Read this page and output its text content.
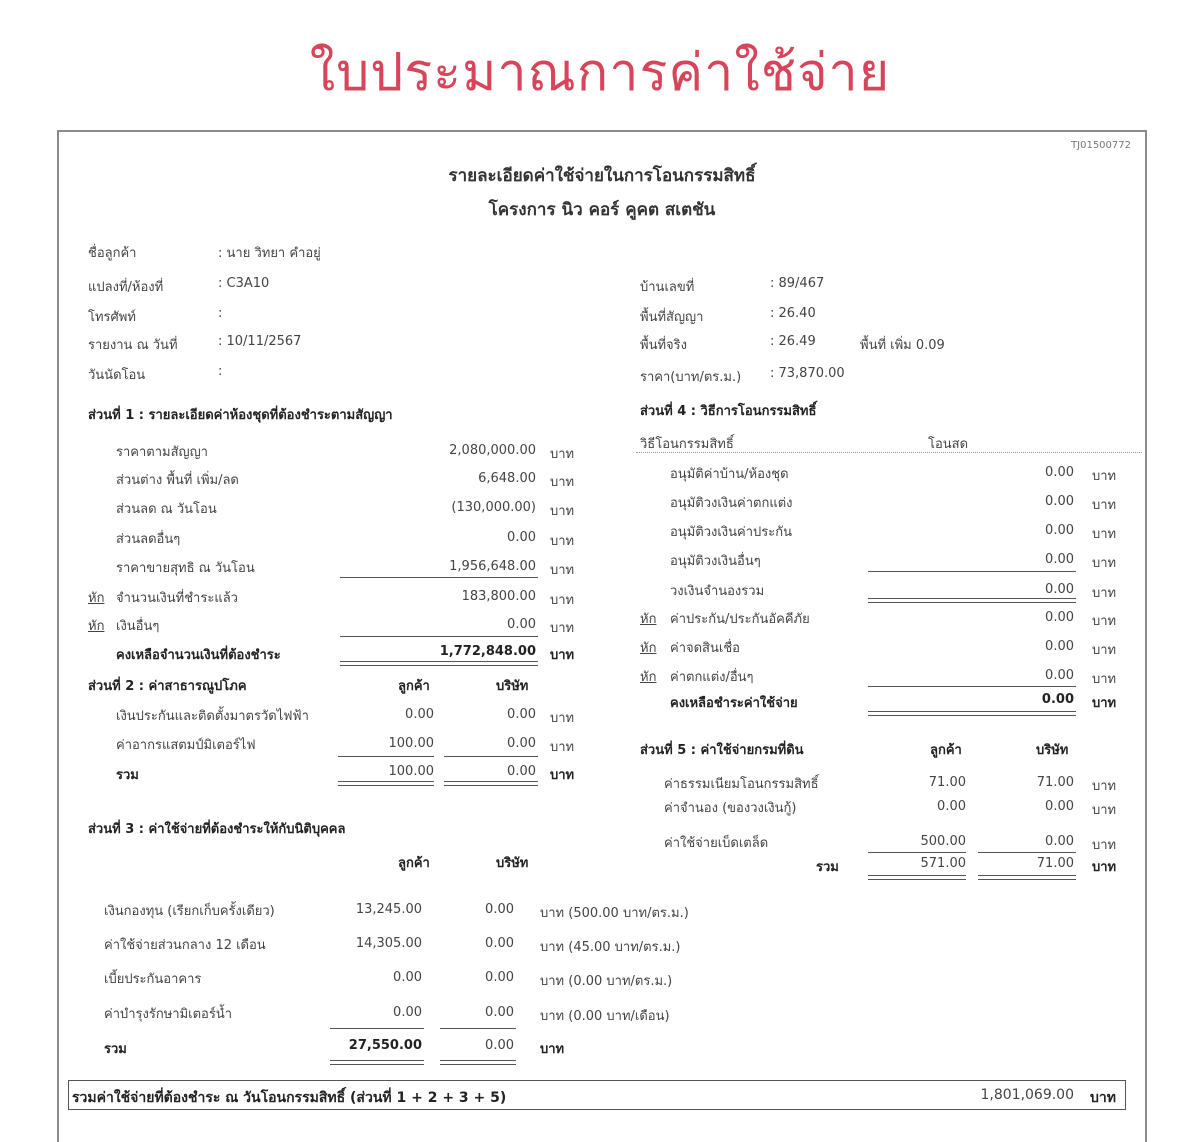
ใบประมาณการค่าใช้จ่าย
TJ01500772
รายละเอียดค่าใช้จ่ายในการโอนกรรมสิทธิ์
โครงการ นิว คอร์ คูคต สเตชัน
ชื่อลูกค้า	: นาย วิทยา คำอยู่
แปลงที่/ห้องที่	: C3A10
โทรศัพท์	:
รายงาน ณ วันที่	: 10/11/2567
วันนัดโอน	:
บ้านเลขที่	: 89/467
พื้นที่สัญญา	: 26.40
พื้นที่จริง	: 26.49	พื้นที่ เพิ่ม 0.09
ราคา(บาท/ตร.ม.) : 73,870.00
ส่วนที่ 1 : รายละเอียดค่าห้องชุดที่ต้องชำระตามสัญญา
ราคาตามสัญญา	2,080,000.00 บาท
ส่วนต่าง พื้นที่ เพิ่ม/ลด	6,648.00 บาท
ส่วนลด ณ วันโอน	(130,000.00) บาท
ส่วนลดอื่นๆ	0.00 บาท
ราคาขายสุทธิ ณ วันโอน	1,956,648.00 บาท
หัก จำนวนเงินที่ชำระแล้ว	183,800.00 บาท
หัก เงินอื่นๆ	0.00 บาท
คงเหลือจำนวนเงินที่ต้องชำระ	1,772,848.00 บาท
ส่วนที่ 2 : ค่าสาธารณูปโภค	ลูกค้า	บริษัท
เงินประกันและติดตั้งมาตรวัดไฟฟ้า	0.00	0.00 บาท
ค่าอากรแสตมป์มิเตอร์ไฟ	100.00	0.00 บาท
รวม	100.00	0.00 บาท
ส่วนที่ 3 : ค่าใช้จ่ายที่ต้องชำระให้กับนิติบุคคล
ลูกค้า	บริษัท
เงินกองทุน (เรียกเก็บครั้งเดียว)	13,245.00	0.00 บาท (500.00 บาท/ตร.ม.)
ค่าใช้จ่ายส่วนกลาง 12 เดือน	14,305.00	0.00 บาท (45.00 บาท/ตร.ม.)
เบี้ยประกันอาคาร	0.00	0.00 บาท (0.00 บาท/ตร.ม.)
ค่าบำรุงรักษามิเตอร์น้ำ	0.00	0.00 บาท (0.00 บาท/เดือน)
รวม	27,550.00	0.00 บาท
ส่วนที่ 4 : วิธีการโอนกรรมสิทธิ์
วิธีโอนกรรมสิทธิ์	โอนสด
อนุมัติค่าบ้าน/ห้องชุด	0.00 บาท
อนุมัติวงเงินค่าตกแต่ง	0.00 บาท
อนุมัติวงเงินค่าประกัน	0.00 บาท
อนุมัติวงเงินอื่นๆ	0.00 บาท
วงเงินจำนองรวม	0.00 บาท
หัก ค่าประกัน/ประกันอัคคีภัย	0.00 บาท
หัก ค่าจดสินเชื่อ	0.00 บาท
หัก ค่าตกแต่ง/อื่นๆ	0.00 บาท
คงเหลือชำระค่าใช้จ่าย	0.00 บาท
ส่วนที่ 5 : ค่าใช้จ่ายกรมที่ดิน	ลูกค้า	บริษัท
ค่าธรรมเนียมโอนกรรมสิทธิ์	71.00	71.00 บาท
ค่าจำนอง (ของวงเงินกู้)	0.00	0.00 บาท
ค่าใช้จ่ายเบ็ดเตล็ด	500.00	0.00 บาท
รวม	571.00	71.00 บาท
รวมค่าใช้จ่ายที่ต้องชำระ ณ วันโอนกรรมสิทธิ์ (ส่วนที่ 1 + 2 + 3 + 5)	1,801,069.00 บาท
